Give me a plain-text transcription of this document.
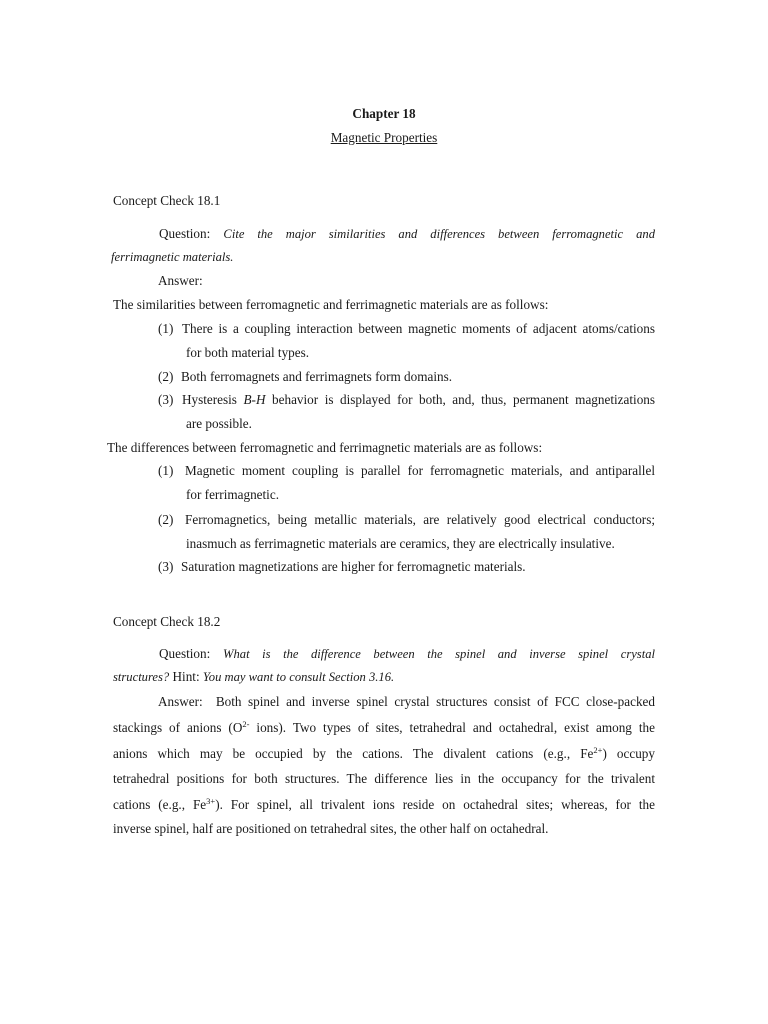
Chapter 18
Magnetic Properties
Concept Check 18.1
Question: Cite the major similarities and differences between ferromagnetic and
ferrimagnetic materials.
Answer:
The similarities between ferromagnetic and ferrimagnetic materials are as follows:
(1) There is a coupling interaction between magnetic moments of adjacent atoms/cations
for both material types.
(2) Both ferromagnets and ferrimagnets form domains.
(3) Hysteresis B-H behavior is displayed for both, and, thus, permanent magnetizations
are possible.
The differences between ferromagnetic and ferrimagnetic materials are as follows:
(1) Magnetic moment coupling is parallel for ferromagnetic materials, and antiparallel
for ferrimagnetic.
(2) Ferromagnetics, being metallic materials, are relatively good electrical conductors;
inasmuch as ferrimagnetic materials are ceramics, they are electrically insulative.
(3) Saturation magnetizations are higher for ferromagnetic materials.
Concept Check 18.2
Question: What is the difference between the spinel and inverse spinel crystal
structures? Hint: You may want to consult Section 3.16.
Answer: Both spinel and inverse spinel crystal structures consist of FCC close-packed
stackings of anions ($O^{2-}$ ions). Two types of sites, tetrahedral and octahedral, exist among the
anions which may be occupied by the cations. The divalent cations (e.g., $Fe^{2+}$) occupy
tetrahedral positions for both structures. The difference lies in the occupancy for the trivalent
cations (e.g., $Fe^{3+}$). For spinel, all trivalent ions reside on octahedral sites; whereas, for the
inverse spinel, half are positioned on tetrahedral sites, the other half on octahedral.
